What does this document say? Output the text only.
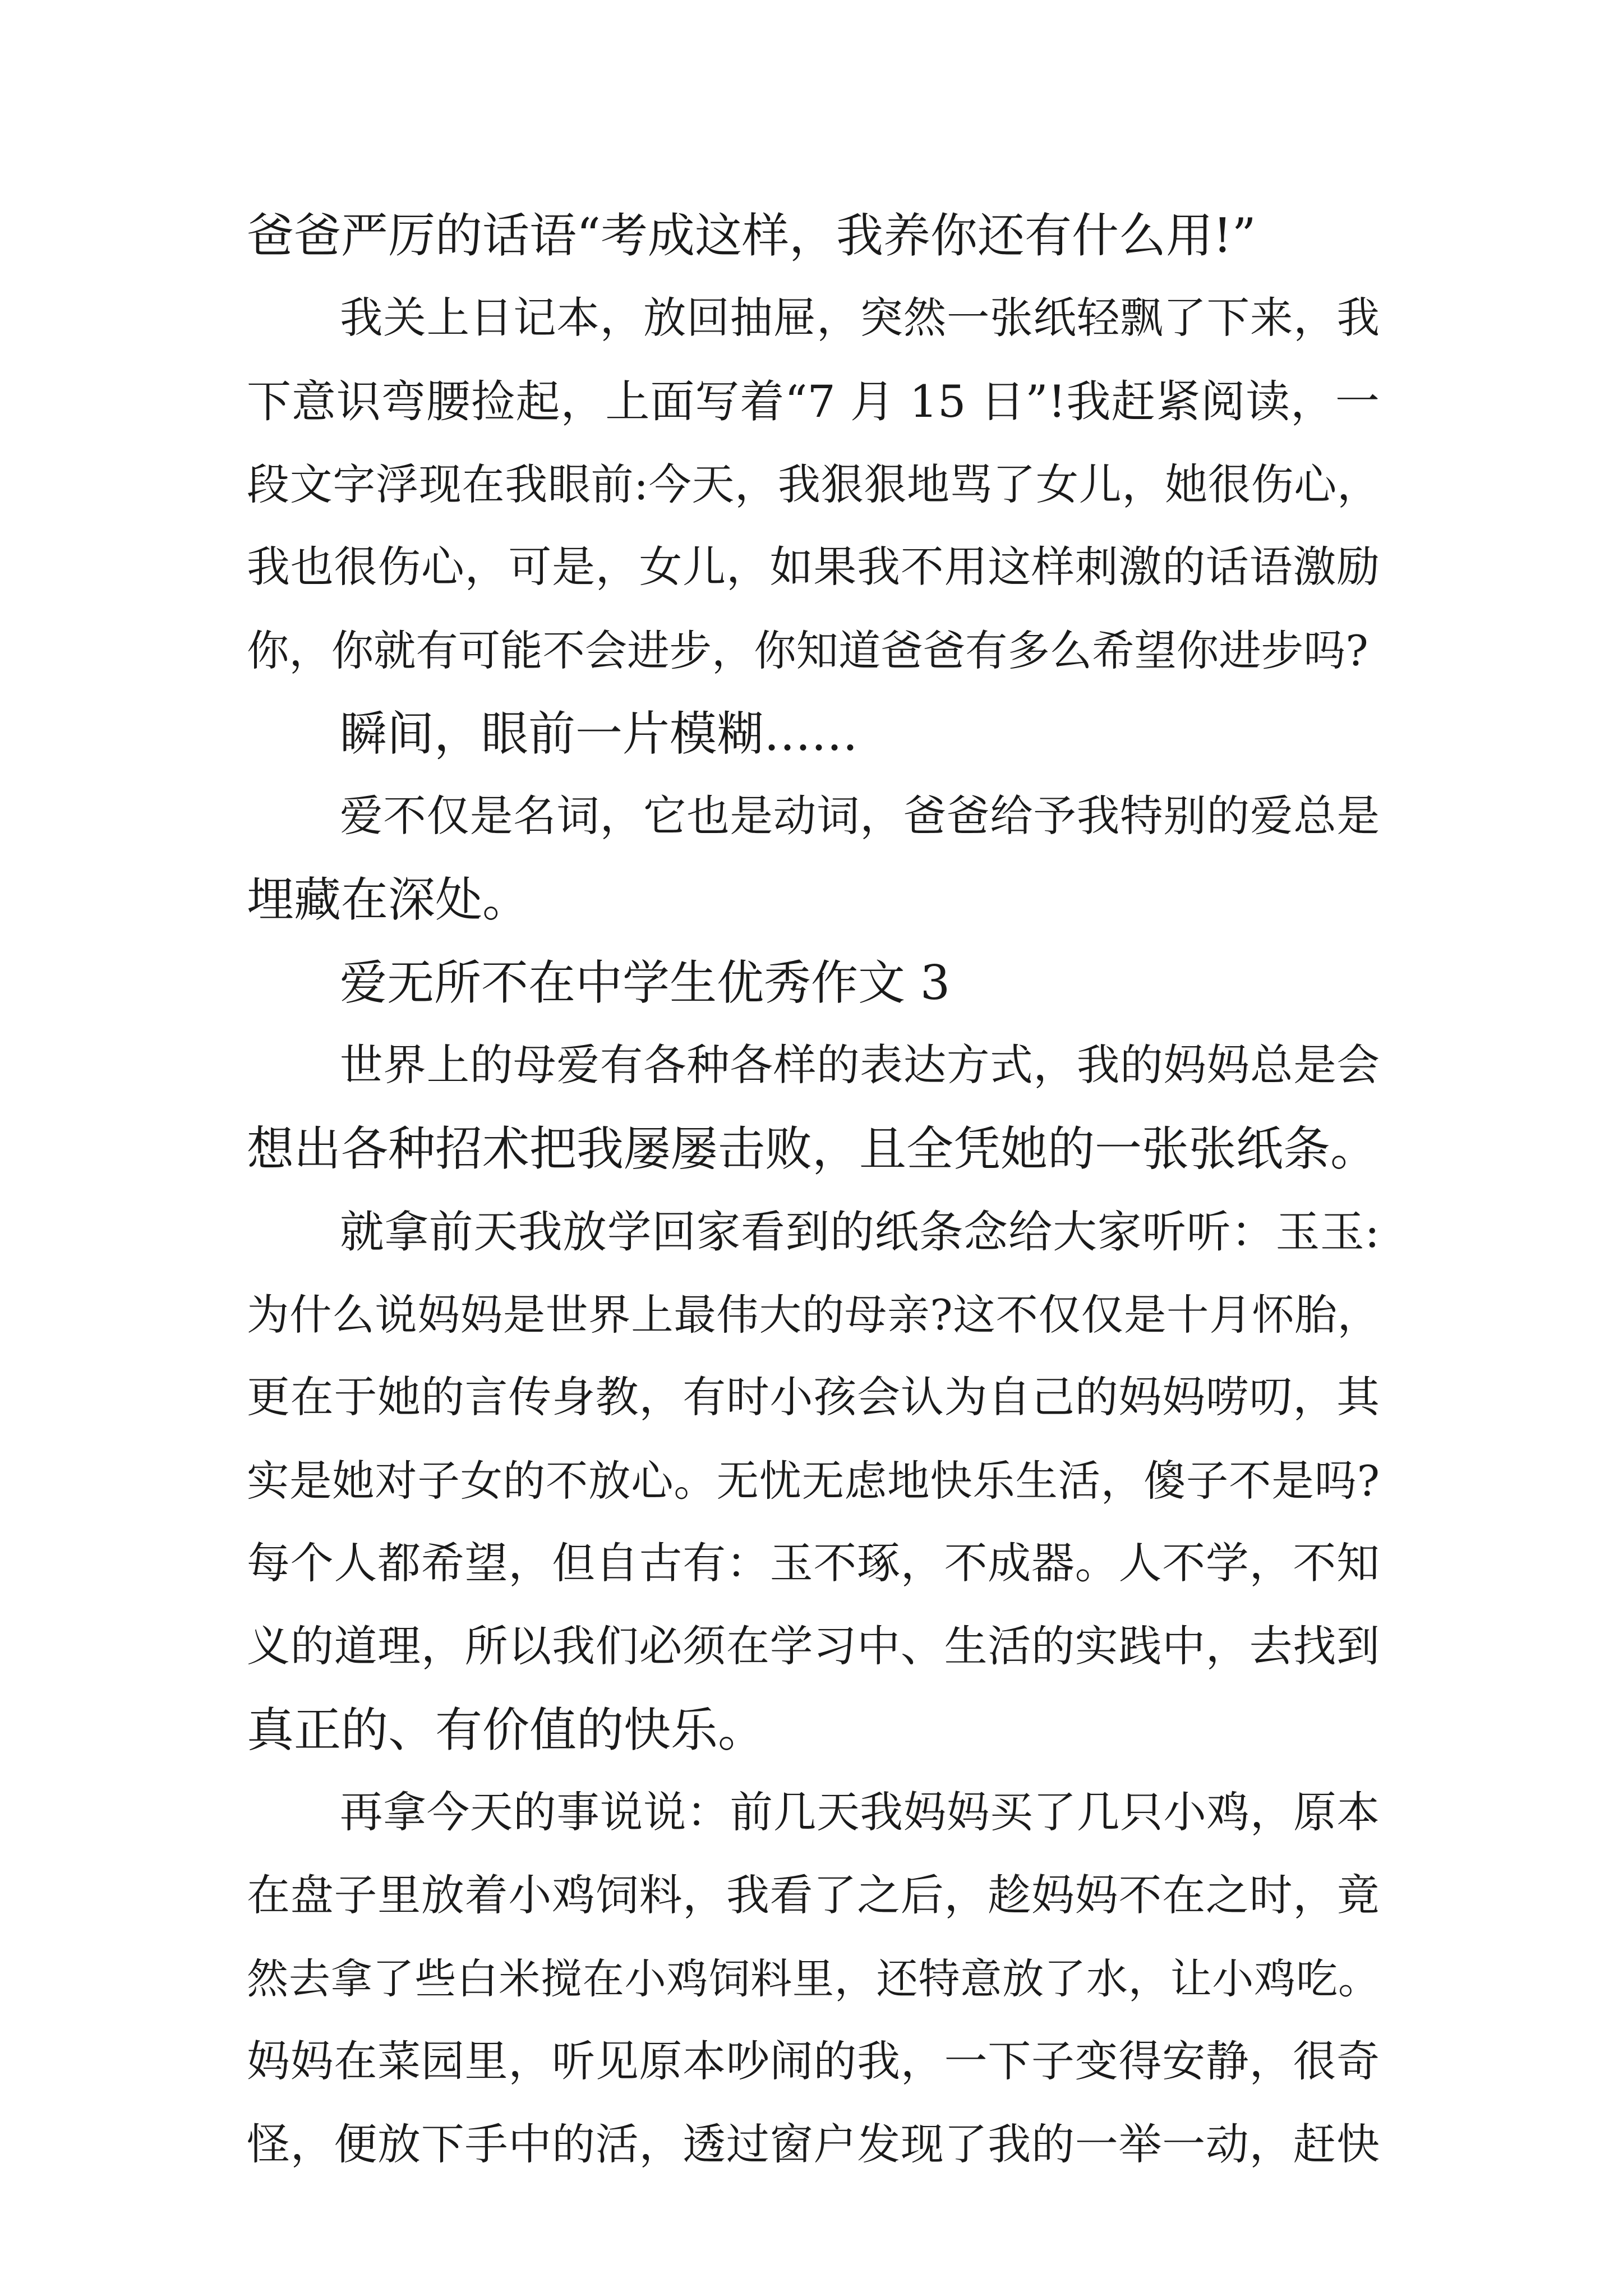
爸爸严厉的话语“考成这样，我养你还有什么用!”
我关上日记本，放回抽屉，突然一张纸轻飘了下来，我
下意识弯腰捡起，上面写着“7 月 15 日”!我赶紧阅读，一
段文字浮现在我眼前:今天，我狠狠地骂了女儿，她很伤心，
我也很伤心，可是，女儿，如果我不用这样刺激的话语激励
你，你就有可能不会进步，你知道爸爸有多么希望你进步吗?
瞬间，眼前一片模糊……
爱不仅是名词，它也是动词，爸爸给予我特别的爱总是
埋藏在深处。
爱无所不在中学生优秀作文 3
世界上的母爱有各种各样的表达方式，我的妈妈总是会
想出各种招术把我屡屡击败，且全凭她的一张张纸条。
就拿前天我放学回家看到的纸条念给大家听听：玉玉:
为什么说妈妈是世界上最伟大的母亲?这不仅仅是十月怀胎，
更在于她的言传身教，有时小孩会认为自己的妈妈唠叨，其
实是她对子女的不放心。无忧无虑地快乐生活，傻子不是吗?
每个人都希望，但自古有：玉不琢，不成器。人不学，不知
义的道理，所以我们必须在学习中、生活的实践中，去找到
真正的、有价值的快乐。
再拿今天的事说说：前几天我妈妈买了几只小鸡，原本
在盘子里放着小鸡饲料，我看了之后，趁妈妈不在之时，竟
然去拿了些白米搅在小鸡饲料里，还特意放了水，让小鸡吃。
妈妈在菜园里，听见原本吵闹的我，一下子变得安静，很奇
怪，便放下手中的活，透过窗户发现了我的一举一动，赶快
